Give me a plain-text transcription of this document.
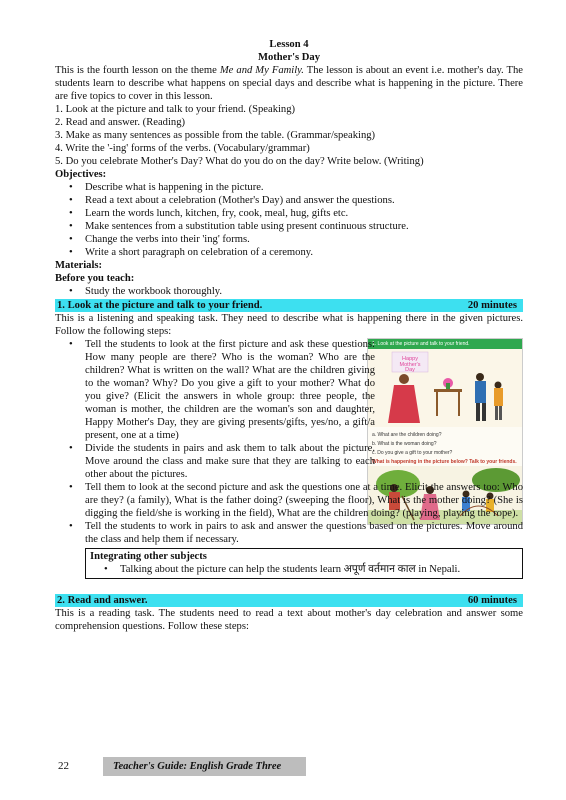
Lesson 4

Mother's Day

This is the fourth lesson on the theme Me and My Family. The lesson is about an event i.e. mother's day. The students learn to describe what happens on special days and describe what is happening in the picture. There are five topics to cover in this lesson.

1. Look at the picture and talk to your friend. (Speaking)

2. Read and answer. (Reading)

3. Make as many sentences as possible from the table. (Grammar/speaking)

4. Write the '-ing' forms of the verbs. (Vocabulary/grammar)

5. Do you celebrate Mother's Day? What do you do on the day? Write below. (Writing)

Objectives:

• Describe what is happening in the picture.
• Read a text about a celebration (Mother's Day) and answer the questions.
• Learn the words lunch, kitchen, fry, cook, meal, hug, gifts etc.
• Make sentences from a substitution table using present continuous structure.
• Change the verbs into their 'ing' forms.
• Write a short paragraph on celebration of a ceremony.

Materials:

Before you teach:

• Study the workbook thoroughly.
1. Look at the picture and talk to your friend.	20 minutes

This is a listening and speaking task. They need to describe what is happening there in the given pictures. Follow the following steps:

1. Look at the picture and talk to your friend.
Happy
Mother's
Day
a. What are the children doing?
b. What is the woman doing?
c. Do you give a gift to your mother?
What is happening in the picture below? Talk to your friends.
• Tell the students to look at the first picture and ask these questions: How many people are there? Who is the woman? Who are the children? What is written on the wall? What are the children giving to the woman? Why? Do you give a gift to your mother? What do you give? (Elicit the answers in whole group: three people, the woman is mother, the children are the woman's son and daughter, Happy Mother's Day, they are giving presents/gifts, yes/no, a gift/a present, one at a time)
• Divide the students in pairs and ask them to talk about the picture. Move around the class and make sure that they are talking to each other about the pictures.
• Tell them to look at the second picture and ask the questions one at a time. Elicit the answers too: Who are they? (a family), What is the father doing? (sweeping the floor), What is the mother doing? (She is digging the field/she is working in the field), What are the children doing? (playing, playing the rope).
• Tell the students to work in pairs to ask and answer the questions based on the pictures. Move around the class and help them if necessary.

Integrating other subjects

• Talking about the picture can help the students learn अपूर्ण वर्तमान काल in Nepali.
2. Read and answer.	60 minutes

This is a reading task. The students need to read a text about mother's day celebration and answer some comprehension questions. Follow these steps:

22	Teacher's Guide: English Grade Three
